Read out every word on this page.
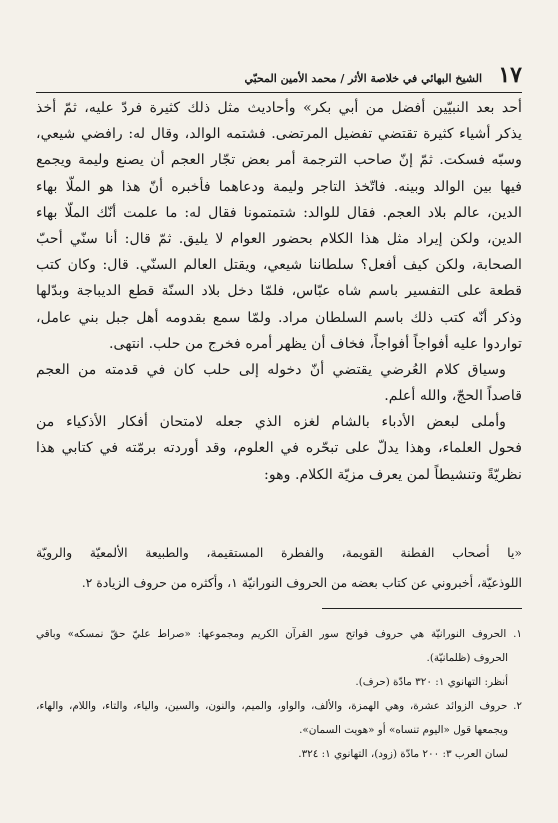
١٧
الشيخ البهائي في خلاصة الأثر / محمد الأمين المحبّي
أحد بعد النبيّين أفضل من أبي بكر» وأحاديث مثل ذلك كثيرة فردّ عليه، ثمّ أخذ
يذكر أشياء كثيرة تقتضي تفضيل المرتضى. فشتمه الوالد، وقال له: رافضي شيعي،
وسبّه فسكت. ثمّ إنّ صاحب الترجمة أمر بعض تجّار العجم أن يصنع وليمة ويجمع
فيها بين الوالد وبينه. فاتّخذ التاجر وليمة ودعاهما فأخبره أنّ هذا هو الملّا بهاء
الدين، عالم بلاد العجم. فقال للوالد: شتمتمونا فقال له: ما علمت أنّك الملّا بهاء
الدين، ولكن إيراد مثل هذا الكلام بحضور العوام لا يليق. ثمّ قال: أنا سنّي أحبّ
الصحابة، ولكن كيف أفعل؟ سلطاننا شيعي، ويقتل العالم السنّي. قال: وكان كتب
قطعة على التفسير باسم شاه عبّاس، فلمّا دخل بلاد السنّة قطع الديباجة وبدّلها
وذكر أنّه كتب ذلك باسم السلطان مراد. ولمّا سمع بقدومه أهل جبل بني عامل،
تواردوا عليه أفواجاً أفواجاً، فخاف أن يظهر أمره فخرج من حلب. انتهى.
وسياق كلام العُرضي يقتضي أنّ دخوله إلى حلب كان في قدمته من العجم
قاصداً الحجّ، والله أعلم.
وأملى لبعض الأدباء بالشام لغزه الذي جعله لامتحان أفكار الأذكياء من
فحول العلماء، وهذا يدلّ على تبحّره في العلوم، وقد أوردته برمّته في كتابي هذا
نظريّةً وتنشيطاً لمن يعرف مزيّة الكلام. وهو:
«يا أصحاب الفطنة القويمة، والفطرة المستقيمة، والطبيعة الألمعيّة والرويّة
اللوذعيّة، أخبروني عن كتاب بعضه من الحروف النورانيّة ١، وأكثره من حروف الزيادة ٢.
١. الحروف النورانيّة هي حروف فواتح سور القرآن الكريم ومجموعها: «صراط عليّ حقّ نمسكه» وباقي
الحروف (ظلمانيّة).
أنظر: التهانوي ١: ٣٢٠ مادّة (حرف).
٢. حروف الزوائد عشرة، وهي الهمزة، والألف، والواو، والميم، والنون، والسين، والياء، والتاء، واللام، والهاء،
ويجمعها قول «اليوم تنساه» أو «هويت السمان».
لسان العرب ٣: ٢٠٠ مادّة (زود)، التهانوي ١: ٣٢٤.
